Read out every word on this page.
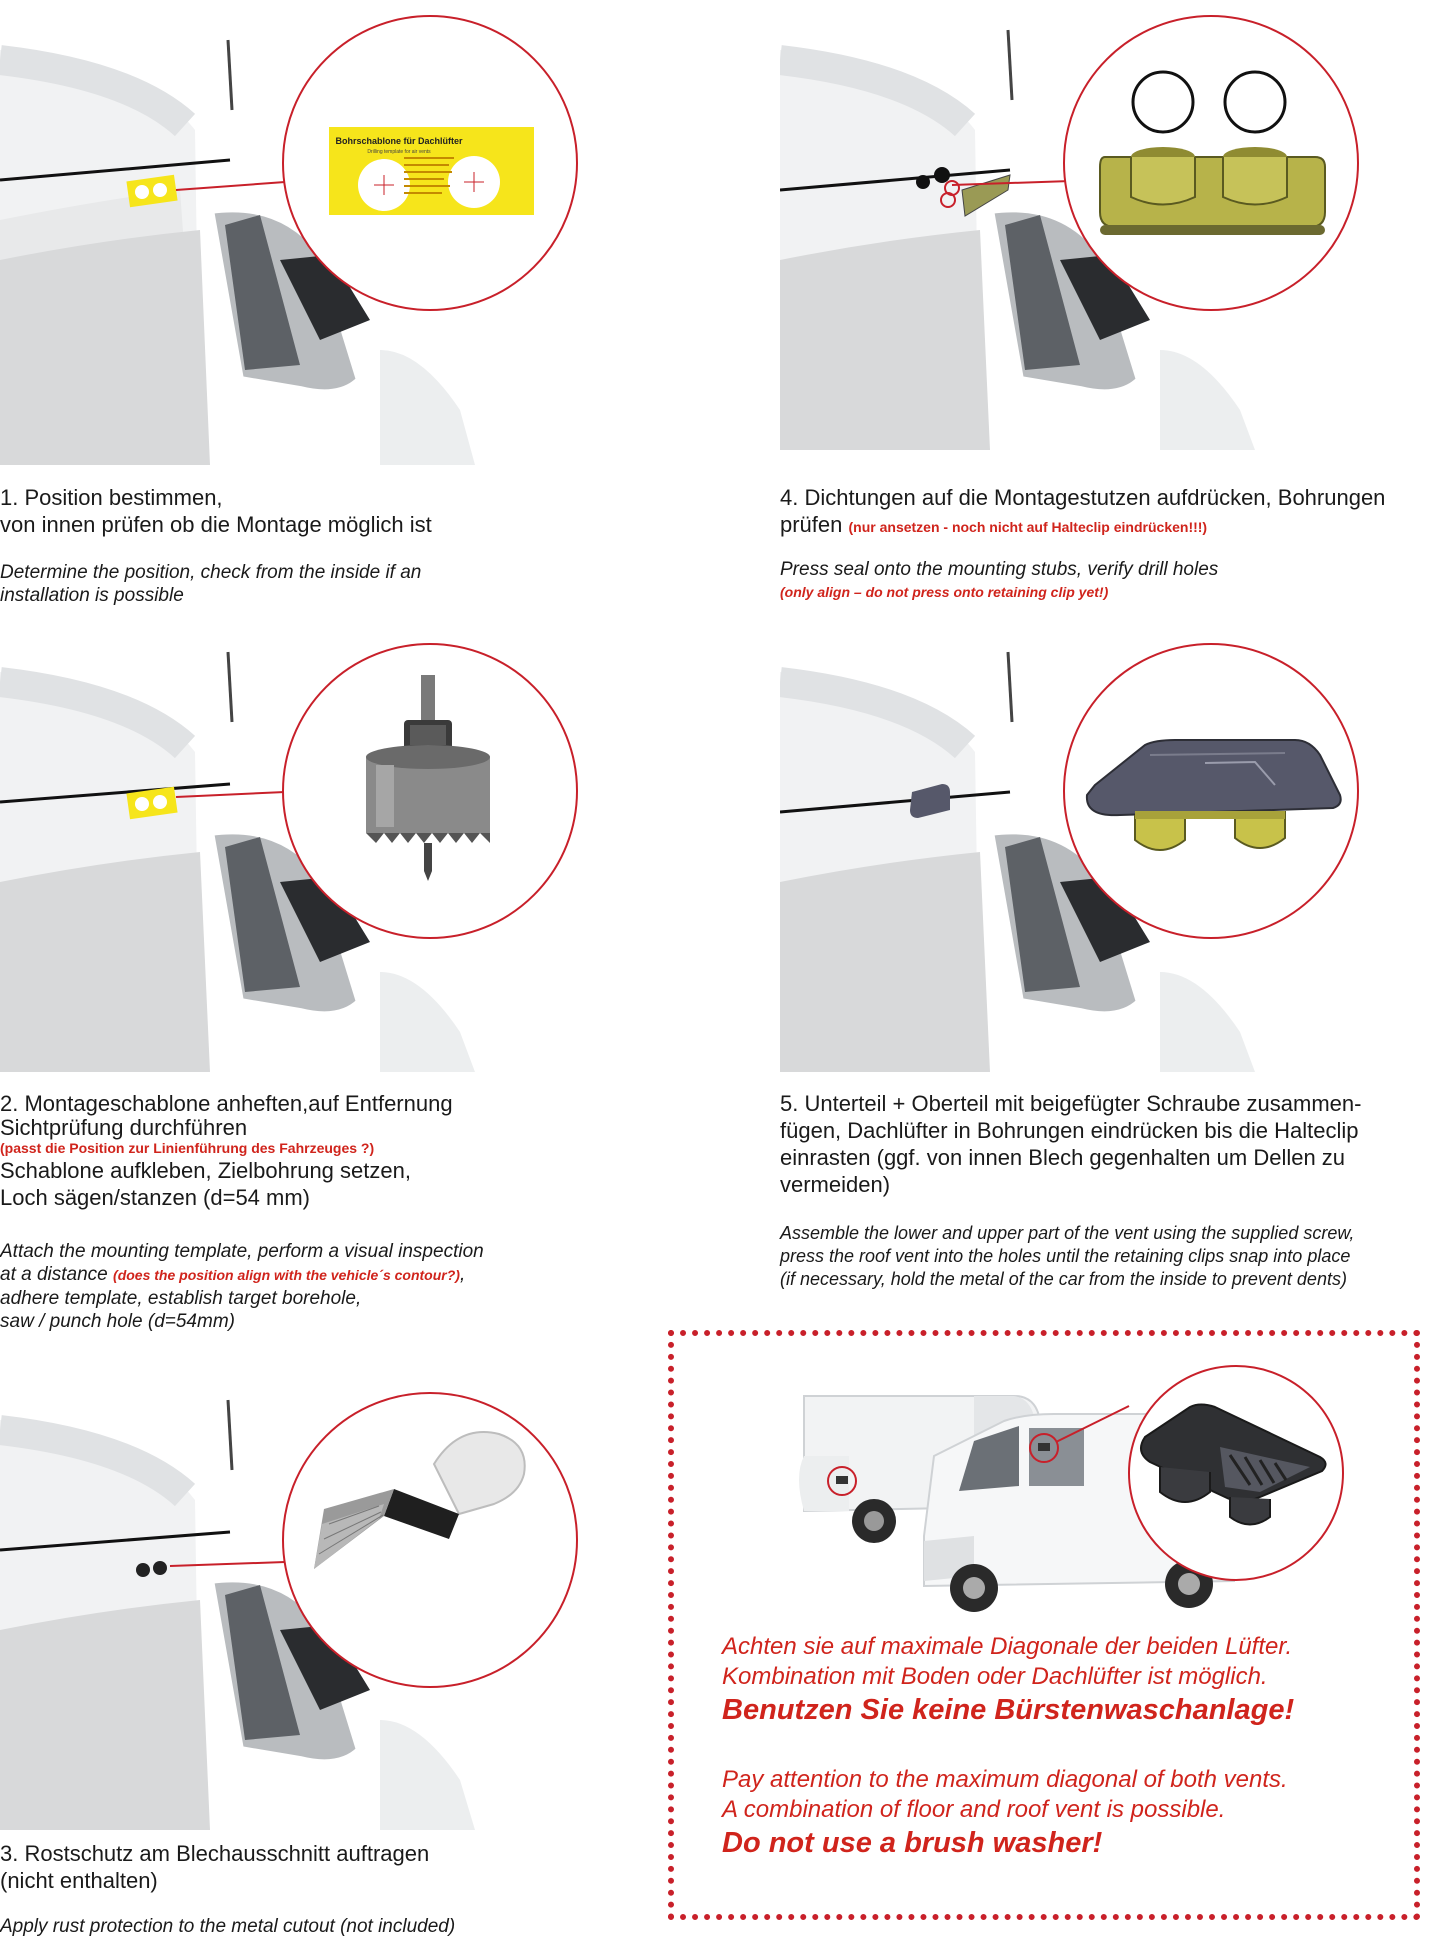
Bohrschablone für Dachlüfter
Drilling template for air vents
1. Position bestimmen,
von innen prüfen ob die Montage möglich ist
Determine the position, check from the inside if an
installation is possible
2. Montageschablone anheften,auf Entfernung
Sichtprüfung durchführen
(passt die Position zur Linienführung des Fahrzeuges ?)
Schablone aufkleben, Zielbohrung setzen,
Loch sägen/stanzen (d=54 mm)
Attach the mounting template, perform a visual inspection
at a distance (does the position align with the vehicle´s contour?),
adhere template, establish target borehole,
saw / punch hole (d=54mm)
3. Rostschutz am Blechausschnitt auftragen
(nicht enthalten)
Apply rust protection to the metal cutout (not included)
4. Dichtungen auf die Montagestutzen aufdrücken, Bohrungen
prüfen (nur ansetzen - noch nicht auf Halteclip eindrücken!!!)
Press seal onto the mounting stubs, verify drill holes
(only align – do not press onto retaining clip yet!)
5. Unterteil + Oberteil mit beigefügter Schraube zusammen-
fügen, Dachlüfter in Bohrungen eindrücken bis die Halteclip
einrasten (ggf. von innen Blech gegenhalten um Dellen zu
vermeiden)
Assemble the lower and upper part of the vent using the supplied screw,
press the roof vent into the holes until the retaining clips snap into place
(if necessary, hold the metal of the car from the inside to prevent dents)
Achten sie auf maximale Diagonale der beiden Lüfter.
Kombination mit Boden oder Dachlüfter ist möglich.
Benutzen Sie keine Bürstenwaschanlage!
Pay attention to the maximum diagonal of both vents.
A combination of floor and roof vent is possible.
Do not use a brush washer!
